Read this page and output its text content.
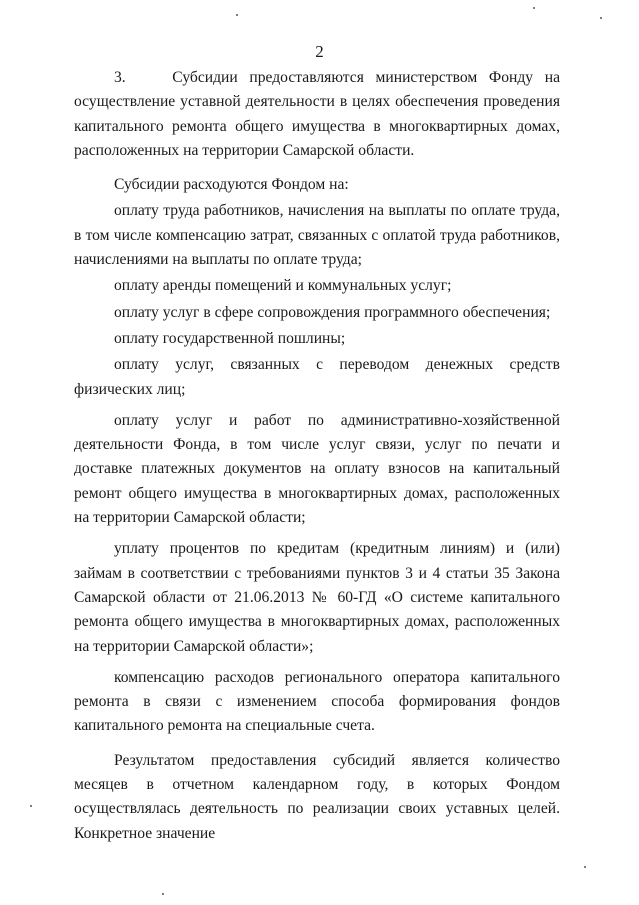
2

3.    Субсидии предоставляются министерством Фонду на осуществление уставной деятельности в целях обеспечения проведения капитального ремонта общего имущества в многоквартирных домах, расположенных на территории Самарской области.

Субсидии расходуются Фондом на:

оплату труда работников, начисления на выплаты по оплате труда, в том числе компенсацию затрат, связанных с оплатой труда работников, начислениями на выплаты по оплате труда;

оплату аренды помещений и коммунальных услуг;

оплату услуг в сфере сопровождения программного обеспечения;

оплату государственной пошлины;

оплату услуг, связанных с переводом денежных средств физических лиц;

оплату услуг и работ по административно-хозяйственной деятельности Фонда, в том числе услуг связи, услуг по печати и доставке платежных документов на оплату взносов на капитальный ремонт общего имущества в многоквартирных домах, расположенных на территории Самарской области;

уплату процентов по кредитам (кредитным линиям) и (или) займам в соответствии с требованиями пунктов 3 и 4 статьи 35 Закона Самарской области от 21.06.2013 № 60-ГД «О системе капитального ремонта общего имущества в многоквартирных домах, расположенных на территории Самарской области»;

компенсацию расходов регионального оператора капитального ремонта в связи с изменением способа формирования фондов капитального ремонта на специальные счета.

Результатом предоставления субсидий является количество месяцев в отчетном календарном году, в которых Фондом осуществлялась деятельность по реализации своих уставных целей. Конкретное значение
